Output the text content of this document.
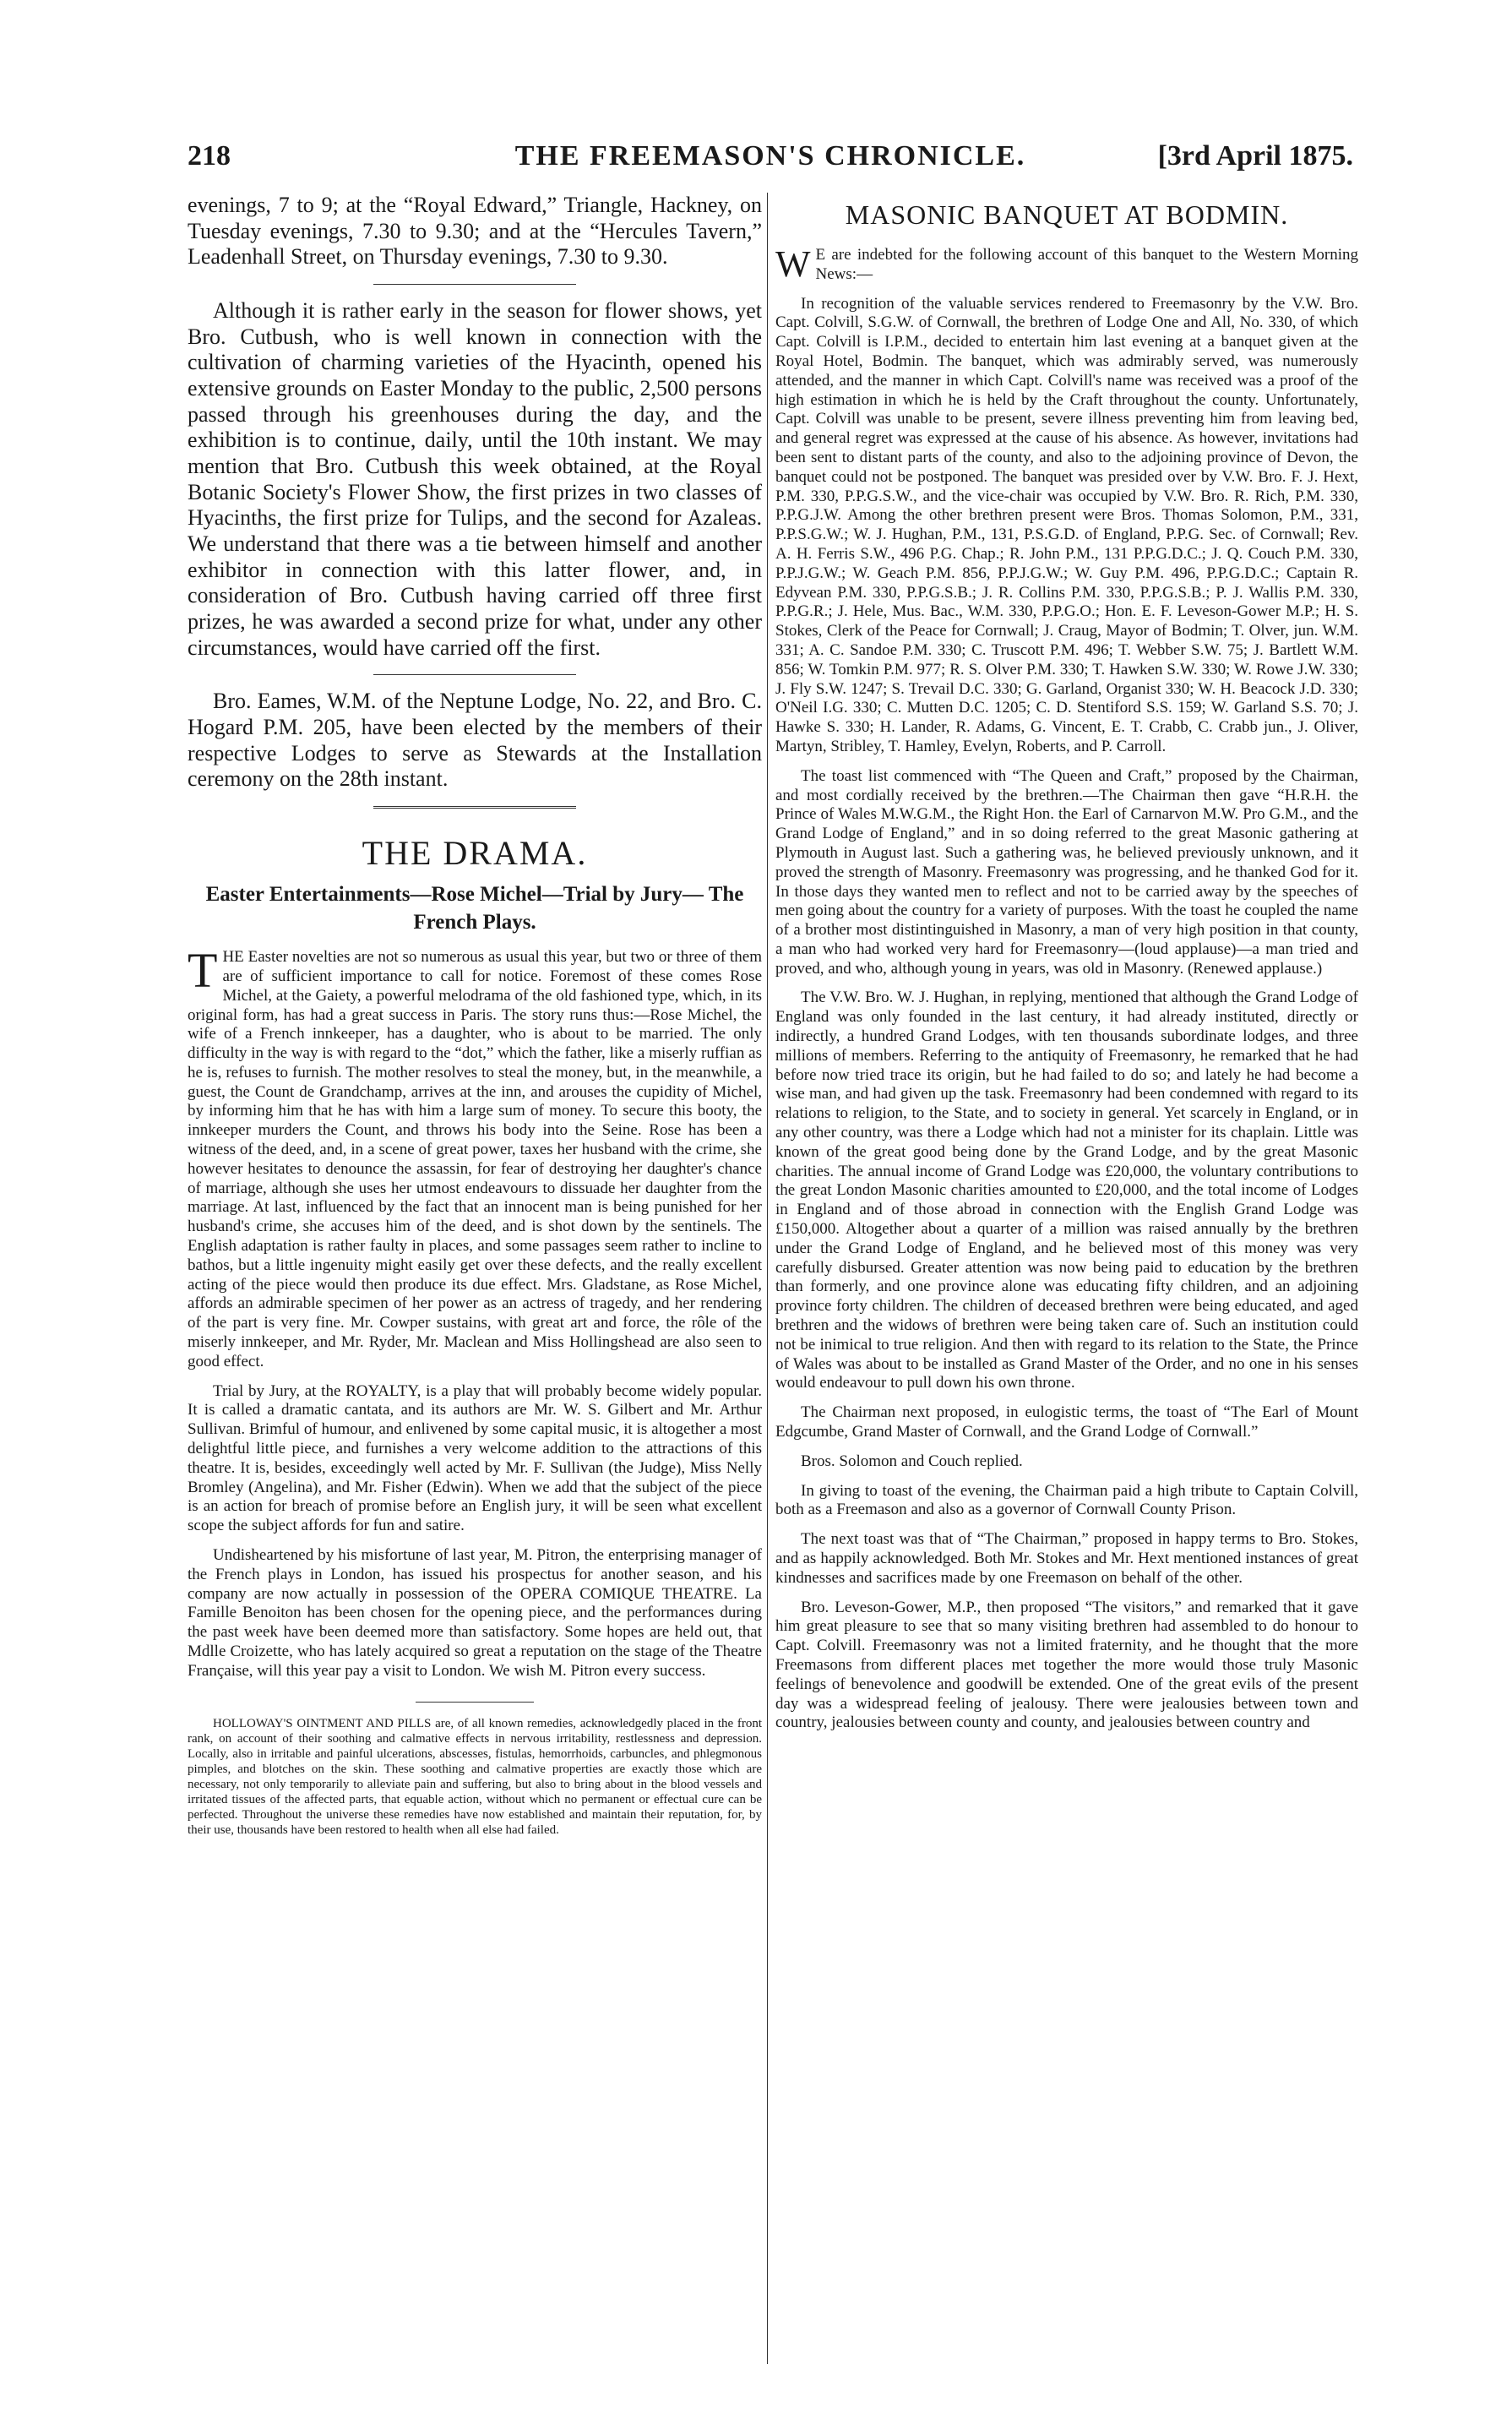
218	THE FREEMASON'S CHRONICLE.	[3rd April 1875.

evenings, 7 to 9; at the “Royal Edward,” Triangle, Hackney, on Tuesday evenings, 7.30 to 9.30; and at the “Hercules Tavern,” Leadenhall Street, on Thursday evenings, 7.30 to 9.30.

Although it is rather early in the season for flower shows, yet Bro. Cutbush, who is well known in connection with the cultivation of charming varieties of the Hyacinth, opened his extensive grounds on Easter Monday to the public, 2,500 persons passed through his greenhouses during the day, and the exhibition is to continue, daily, until the 10th instant. We may mention that Bro. Cutbush this week obtained, at the Royal Botanic Society's Flower Show, the first prizes in two classes of Hyacinths, the first prize for Tulips, and the second for Azaleas. We understand that there was a tie between himself and another exhibitor in connection with this latter flower, and, in consideration of Bro. Cutbush having carried off three first prizes, he was awarded a second prize for what, under any other circumstances, would have carried off the first.

Bro. Eames, W.M. of the Neptune Lodge, No. 22, and Bro. C. Hogard P.M. 205, have been elected by the members of their respective Lodges to serve as Stewards at the Installation ceremony on the 28th instant.

THE DRAMA.
Easter Entertainments—Rose Michel—Trial by Jury— The French Plays.

THE Easter novelties are not so numerous as usual this year, but two or three of them are of sufficient importance to call for notice. Foremost of these comes Rose Michel, at the Gaiety, a powerful melodrama of the old fashioned type, which, in its original form, has had a great success in Paris. The story runs thus:—Rose Michel, the wife of a French innkeeper, has a daughter, who is about to be married. The only difficulty in the way is with regard to the “dot,” which the father, like a miserly ruffian as he is, refuses to furnish. The mother resolves to steal the money, but, in the meanwhile, a guest, the Count de Grandchamp, arrives at the inn, and arouses the cupidity of Michel, by informing him that he has with him a large sum of money. To secure this booty, the innkeeper murders the Count, and throws his body into the Seine. Rose has been a witness of the deed, and, in a scene of great power, taxes her husband with the crime, she however hesitates to denounce the assassin, for fear of destroying her daughter's chance of marriage, although she uses her utmost endeavours to dissuade her daughter from the marriage. At last, influenced by the fact that an innocent man is being punished for her husband's crime, she accuses him of the deed, and is shot down by the sentinels. The English adaptation is rather faulty in places, and some passages seem rather to incline to bathos, but a little ingenuity might easily get over these defects, and the really excellent acting of the piece would then produce its due effect. Mrs. Gladstane, as Rose Michel, affords an admirable specimen of her power as an actress of tragedy, and her rendering of the part is very fine. Mr. Cowper sustains, with great art and force, the rôle of the miserly innkeeper, and Mr. Ryder, Mr. Maclean and Miss Hollingshead are also seen to good effect.

Trial by Jury, at the ROYALTY, is a play that will probably become widely popular. It is called a dramatic cantata, and its authors are Mr. W. S. Gilbert and Mr. Arthur Sullivan. Brimful of humour, and enlivened by some capital music, it is altogether a most delightful little piece, and furnishes a very welcome addition to the attractions of this theatre. It is, besides, exceedingly well acted by Mr. F. Sullivan (the Judge), Miss Nelly Bromley (Angelina), and Mr. Fisher (Edwin). When we add that the subject of the piece is an action for breach of promise before an English jury, it will be seen what excellent scope the subject affords for fun and satire.

Undisheartened by his misfortune of last year, M. Pitron, the enterprising manager of the French plays in London, has issued his prospectus for another season, and his company are now actually in possession of the OPERA COMIQUE THEATRE. La Famille Benoiton has been chosen for the opening piece, and the performances during the past week have been deemed more than satisfactory. Some hopes are held out, that Mdlle Croizette, who has lately acquired so great a reputation on the stage of the Theatre Française, will this year pay a visit to London. We wish M. Pitron every success.

HOLLOWAY'S OINTMENT AND PILLS are, of all known remedies, acknowledgedly placed in the front rank, on account of their soothing and calmative effects in nervous irritability, restlessness and depression. Locally, also in irritable and painful ulcerations, abscesses, fistulas, hemorrhoids, carbuncles, and phlegmonous pimples, and blotches on the skin. These soothing and calmative properties are exactly those which are necessary, not only temporarily to alleviate pain and suffering, but also to bring about in the blood vessels and irritated tissues of the affected parts, that equable action, without which no permanent or effectual cure can be perfected. Throughout the universe these remedies have now established and maintain their reputation, for, by their use, thousands have been restored to health when all else had failed.

MASONIC BANQUET AT BODMIN.

W E are indebted for the following account of this banquet to the Western Morning News:—

In recognition of the valuable services rendered to Freemasonry by the V.W. Bro. Capt. Colvill, S.G.W. of Cornwall, the brethren of Lodge One and All, No. 330, of which Capt. Colvill is I.P.M., decided to entertain him last evening at a banquet given at the Royal Hotel, Bodmin. The banquet, which was admirably served, was numerously attended, and the manner in which Capt. Colvill's name was received was a proof of the high estimation in which he is held by the Craft throughout the county. Unfortunately, Capt. Colvill was unable to be present, severe illness preventing him from leaving bed, and general regret was expressed at the cause of his absence. As however, invitations had been sent to distant parts of the county, and also to the adjoining province of Devon, the banquet could not be postponed. The banquet was presided over by V.W. Bro. F. J. Hext, P.M. 330, P.P.G.S.W., and the vice-chair was occupied by V.W. Bro. R. Rich, P.M. 330, P.P.G.J.W. Among the other brethren present were Bros. Thomas Solomon, P.M., 331, P.P.S.G.W.; W. J. Hughan, P.M., 131, P.S.G.D. of England, P.P.G. Sec. of Cornwall; Rev. A. H. Ferris S.W., 496 P.G. Chap.; R. John P.M., 131 P.P.G.D.C.; J. Q. Couch P.M. 330, P.P.J.G.W.; W. Geach P.M. 856, P.P.J.G.W.; W. Guy P.M. 496, P.P.G.D.C.; Captain R. Edyvean P.M. 330, P.P.G.S.B.; J. R. Collins P.M. 330, P.P.G.S.B.; P. J. Wallis P.M. 330, P.P.G.R.; J. Hele, Mus. Bac., W.M. 330, P.P.G.O.; Hon. E. F. Leveson-Gower M.P.; H. S. Stokes, Clerk of the Peace for Cornwall; J. Craug, Mayor of Bodmin; T. Olver, jun. W.M. 331; A. C. Sandoe P.M. 330; C. Truscott P.M. 496; T. Webber S.W. 75; J. Bartlett W.M. 856; W. Tomkin P.M. 977; R. S. Olver P.M. 330; T. Hawken S.W. 330; W. Rowe J.W. 330; J. Fly S.W. 1247; S. Trevail D.C. 330; G. Garland, Organist 330; W. H. Beacock J.D. 330; O'Neil I.G. 330; C. Mutten D.C. 1205; C. D. Stentiford S.S. 159; W. Garland S.S. 70; J. Hawke S. 330; H. Lander, R. Adams, G. Vincent, E. T. Crabb, C. Crabb jun., J. Oliver, Martyn, Stribley, T. Hamley, Evelyn, Roberts, and P. Carroll.

The toast list commenced with “The Queen and Craft,” proposed by the Chairman, and most cordially received by the brethren.—The Chairman then gave “H.R.H. the Prince of Wales M.W.G.M., the Right Hon. the Earl of Carnarvon M.W. Pro G.M., and the Grand Lodge of England,” and in so doing referred to the great Masonic gathering at Plymouth in August last. Such a gathering was, he believed previously unknown, and it proved the strength of Masonry. Freemasonry was progressing, and he thanked God for it. In those days they wanted men to reflect and not to be carried away by the speeches of men going about the country for a variety of purposes. With the toast he coupled the name of a brother most distintinguished in Masonry, a man of very high position in that county, a man who had worked very hard for Freemasonry—(loud applause)—a man tried and proved, and who, although young in years, was old in Masonry. (Renewed applause.)

The V.W. Bro. W. J. Hughan, in replying, mentioned that although the Grand Lodge of England was only founded in the last century, it had already instituted, directly or indirectly, a hundred Grand Lodges, with ten thousands subordinate lodges, and three millions of members. Referring to the antiquity of Freemasonry, he remarked that he had before now tried trace its origin, but he had failed to do so; and lately he had become a wise man, and had given up the task. Freemasonry had been condemned with regard to its relations to religion, to the State, and to society in general. Yet scarcely in England, or in any other country, was there a Lodge which had not a minister for its chaplain. Little was known of the great good being done by the Grand Lodge, and by the great Masonic charities. The annual income of Grand Lodge was £20,000, the voluntary contributions to the great London Masonic charities amounted to £20,000, and the total income of Lodges in England and of those abroad in connection with the English Grand Lodge was £150,000. Altogether about a quarter of a million was raised annually by the brethren under the Grand Lodge of England, and he believed most of this money was very carefully disbursed. Greater attention was now being paid to education by the brethren than formerly, and one province alone was educating fifty children, and an adjoining province forty children. The children of deceased brethren were being educated, and aged brethren and the widows of brethren were being taken care of. Such an institution could not be inimical to true religion. And then with regard to its relation to the State, the Prince of Wales was about to be installed as Grand Master of the Order, and no one in his senses would endeavour to pull down his own throne.

The Chairman next proposed, in eulogistic terms, the toast of “The Earl of Mount Edgcumbe, Grand Master of Cornwall, and the Grand Lodge of Cornwall.”

Bros. Solomon and Couch replied.

In giving to toast of the evening, the Chairman paid a high tribute to Captain Colvill, both as a Freemason and also as a governor of Cornwall County Prison.

The next toast was that of “The Chairman,” proposed in happy terms to Bro. Stokes, and as happily acknowledged. Both Mr. Stokes and Mr. Hext mentioned instances of great kindnesses and sacrifices made by one Freemason on behalf of the other.

Bro. Leveson-Gower, M.P., then proposed “The visitors,” and remarked that it gave him great pleasure to see that so many visiting brethren had assembled to do honour to Capt. Colvill. Freemasonry was not a limited fraternity, and he thought that the more Freemasons from different places met together the more would those truly Masonic feelings of benevolence and goodwill be extended. One of the great evils of the present day was a widespread feeling of jealousy. There were jealousies between town and country, jealousies between county and county, and jealousies between country and
